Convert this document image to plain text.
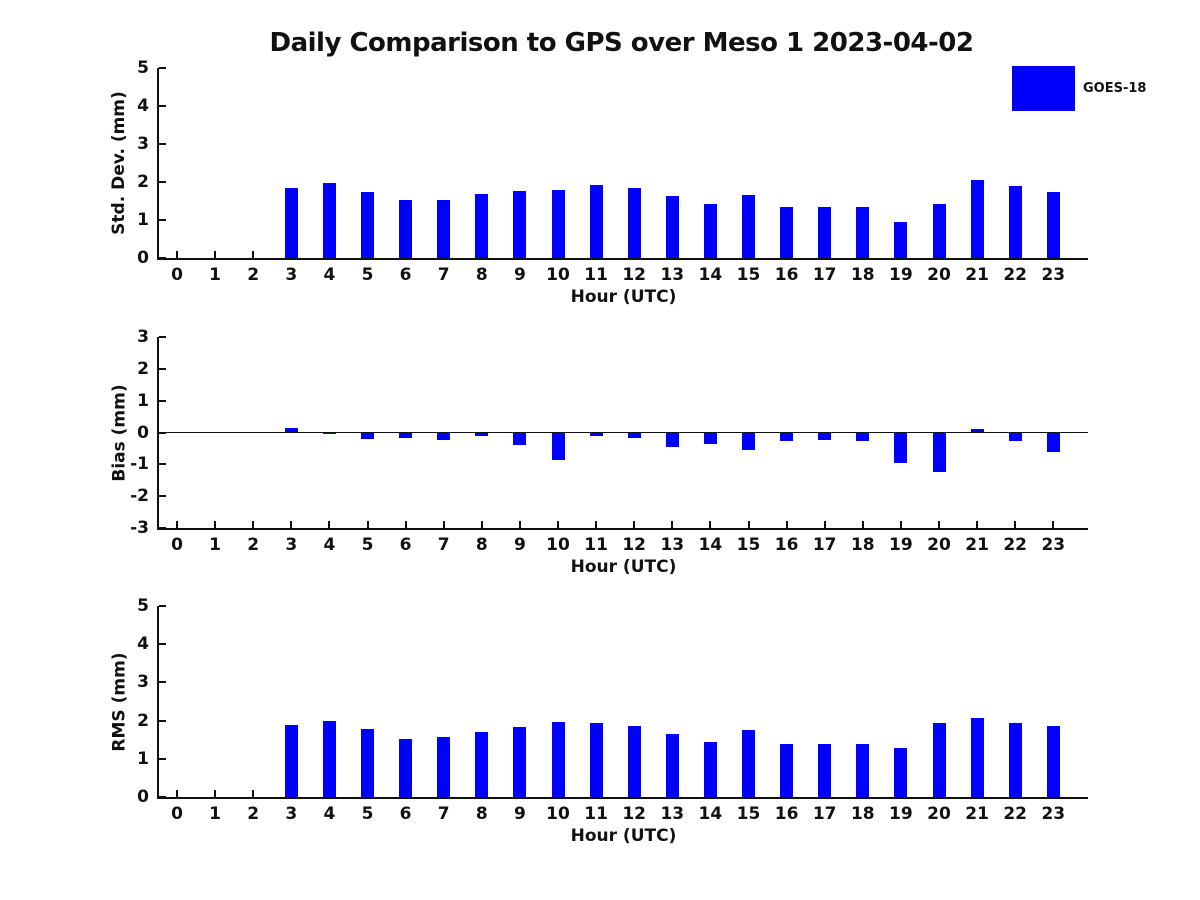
Daily Comparison to GPS over Meso 1 2023-04-02
GOES-18
0
1
2
3
4
5
0	1	2	3	4	5	6	7	8	9	10 11 12 13 14 15 16 17 18 19 20 21 22 23
Hour (UTC)
Std. Dev. (mm)
3
2
1
0
-1
-2
-3
0	1	2	3	4	5	6	7	8	9	10 11 12 13 14 15 16 17 18 19 20 21 22 23
Hour (UTC)
Bias (mm)
0
1
2
3
4
5
0	1	2	3	4	5	6	7	8	9	10 11 12 13 14 15 16 17 18 19 20 21 22 23
Hour (UTC)
RMS (mm)
